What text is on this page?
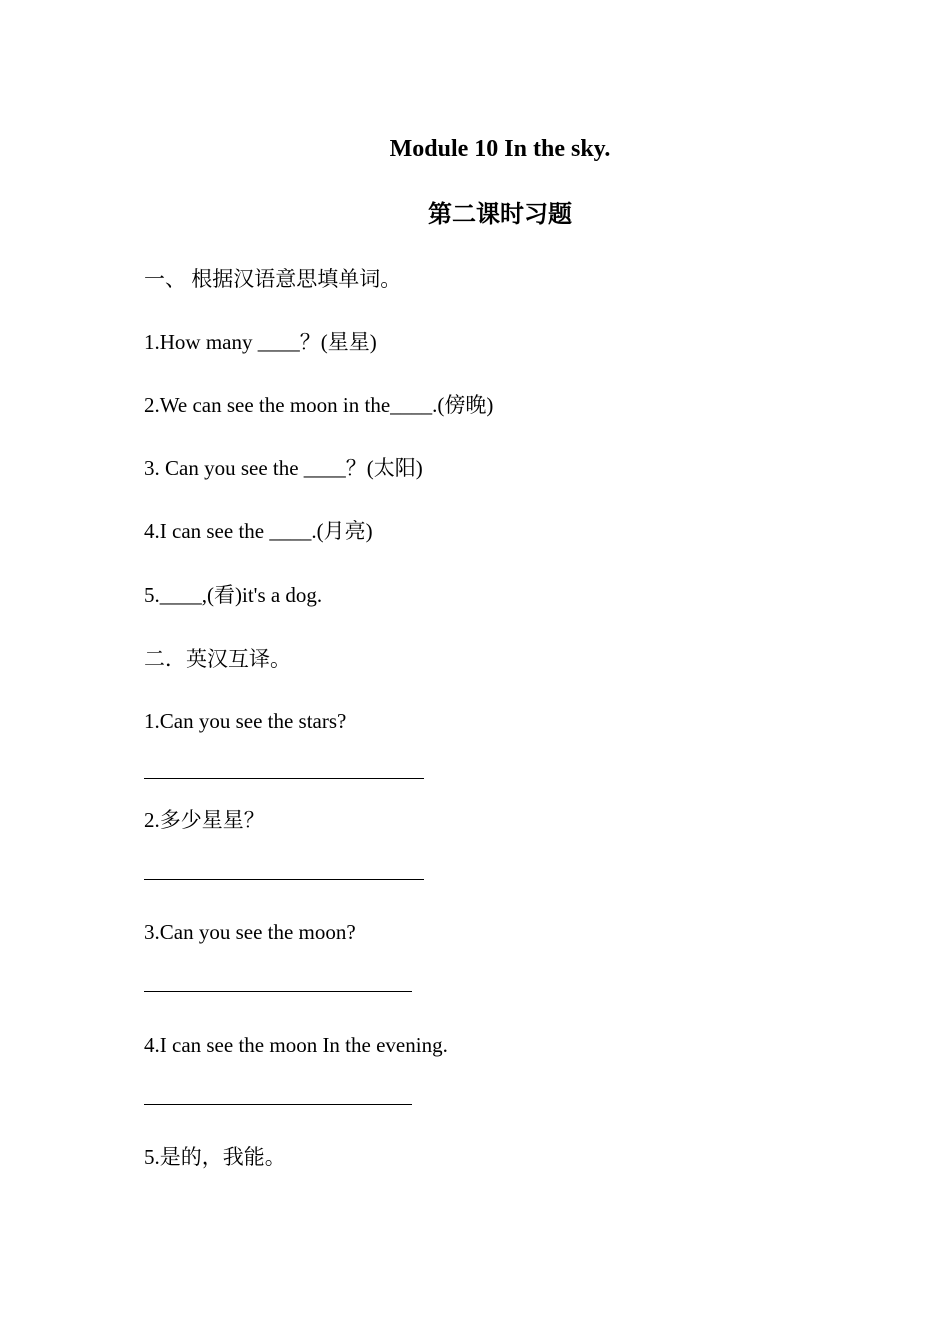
Module 10 In the sky.
第二课时习题
一、 根据汉语意思填单词。
1.How many ____？(星星)
2.We can see the moon in the____.(傍晚)
3. Can you see the ____？(太阳)
4.I can see the ____.(月亮)
5.____,(看)it's a dog.
二．英汉互译。
1.Can you see the stars?
2.多少星星？
3.Can you see the moon?
4.I can see the moon In the evening.
5.是的，我能。
